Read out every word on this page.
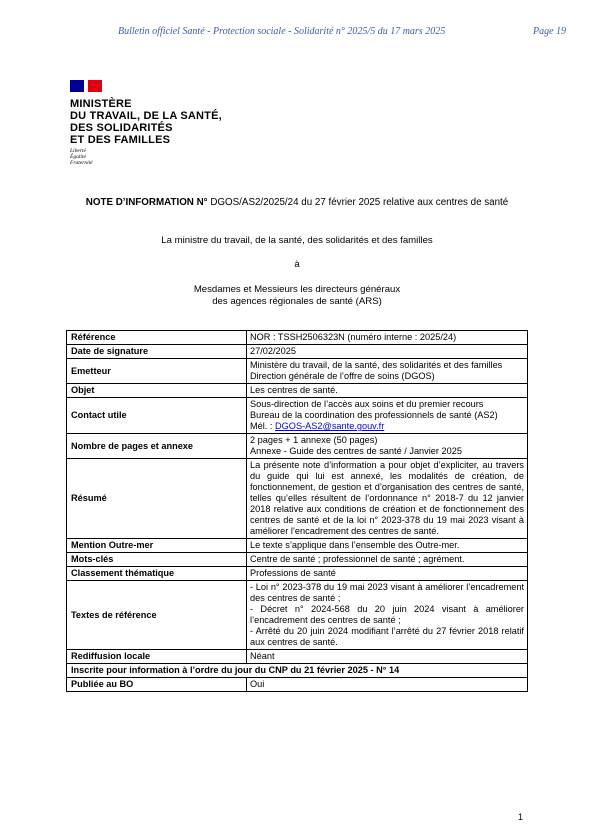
Bulletin officiel Santé - Protection sociale - Solidarité n° 2025/5 du 17 mars 2025	Page 19
MINISTÈRE
DU TRAVAIL, DE LA SANTÉ,
DES SOLIDARITÉS
ET DES FAMILLES
Liberté
Égalité
Fraternité
NOTE D’INFORMATION N° DGOS/AS2/2025/24 du 27 février 2025 relative aux centres de santé
La ministre du travail, de la santé, des solidarités et des familles
à
Mesdames et Messieurs les directeurs généraux
des agences régionales de santé (ARS)
Référence	NOR : TSSH2506323N (numéro interne : 2025/24)
Date de signature	27/02/2025
Emetteur	Ministère du travail, de la santé, des solidarités et des familles
Direction générale de l’offre de soins (DGOS)

Objet	Les centres de santé.
Contact utile	Sous-direction de l’accès aux soins et du premier recours
Bureau de la coordination des professionnels de santé (AS2)
Mél. : DGOS-AS2@sante.gouv.fr

Nombre de pages et annexe	2 pages + 1 annexe (50 pages)
Annexe - Guide des centres de santé / Janvier 2025

Résumé	La présente note d’information a pour objet d’expliciter, au travers du guide qui lui est annexé, les modalités de création, de fonctionnement, de gestion et d’organisation des centres de santé, telles qu’elles résultent de l’ordonnance n° 2018-7 du 12 janvier 2018 relative aux conditions de création et de fonctionnement des centres de santé et de la loi n° 2023-378 du 19 mai 2023 visant à améliorer l’encadrement des centres de santé.
Mention Outre-mer	Le texte s’applique dans l’ensemble des Outre-mer.
Mots-clés	Centre de santé ; professionnel de santé ; agrément.
Classement thématique	Professions de santé
Textes de référence	- Loi n° 2023-378 du 19 mai 2023 visant à améliorer l’encadrement des centres de santé ;
- Décret n° 2024-568 du 20 juin 2024 visant à améliorer l’encadrement des centres de santé ;
- Arrêté du 20 juin 2024 modifiant l’arrêté du 27 février 2018 relatif aux centres de santé.

Rediffusion locale	Néant
Inscrite pour information à l’ordre du jour du CNP du 21 février 2025 - N° 14	
Publiée au BO	Oui
1
